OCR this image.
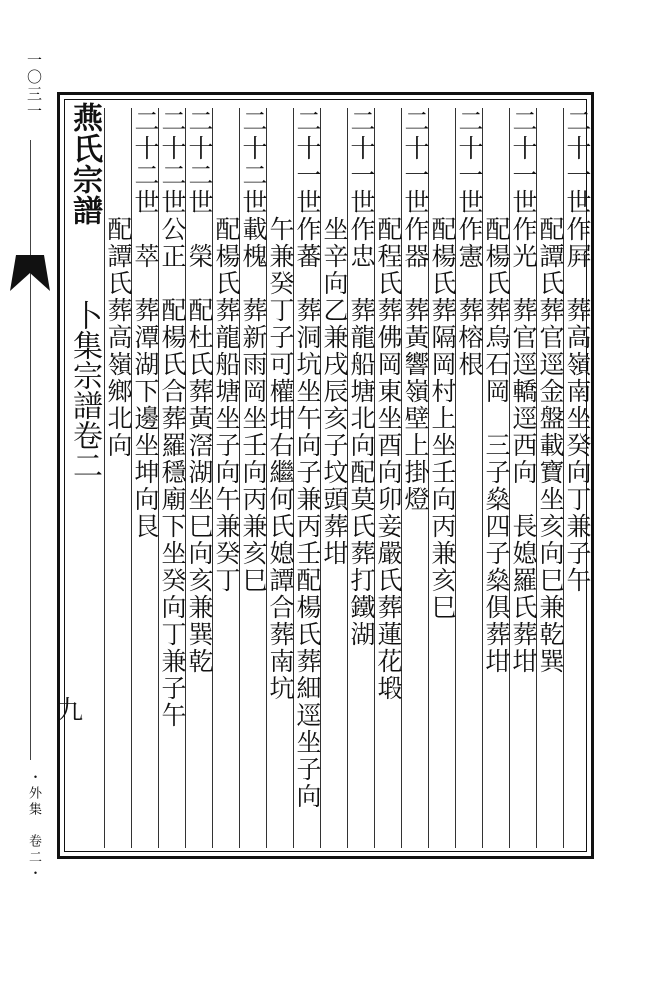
一〇三一
・外集　卷二・
二十一世作屛　葬高嶺南坐癸向丁兼子午
　　　　配譚氏葬官逕金盤載寶坐亥向巳兼乾巽
二十一世作光　葬官逕轎逕西向　長媳羅氏葬坩
　　　　配楊氏葬烏石岡　三子燊四子燊俱葬坩
二十一世作憲　葬榕根
　　　　配楊氏葬隔岡村上坐壬向丙兼亥巳
二十一世作器　葬黃響嶺壁上掛燈
　　　　配程氏葬佛岡東坐酉向卯妾嚴氏葬蓮花塅
二十一世作忠　葬龍船塘北向配莫氏葬打鐵湖
　　　　坐辛向乙兼戌辰亥子坟頭葬坩
二十一世作蕃　葬洞坑坐午向子兼丙壬配楊氏葬細逕坐子向
　　　　午兼癸丁子可權坩右繼何氏媳譚合葬南坑
二十二世載槐　葬新雨岡坐壬向丙兼亥巳
　　　　配楊氏葬龍船塘坐子向午兼癸丁
二十二世　榮　配杜氏葬黃滘湖坐巳向亥兼巽乾
二十二世公正　配楊氏合葬羅穩廟下坐癸向丁兼子午
二十二世　萃　葬潭湖下邊坐坤向艮
　　　　配譚氏葬高嶺鄉北向
燕氏宗譜
卜集宗譜卷二
九
